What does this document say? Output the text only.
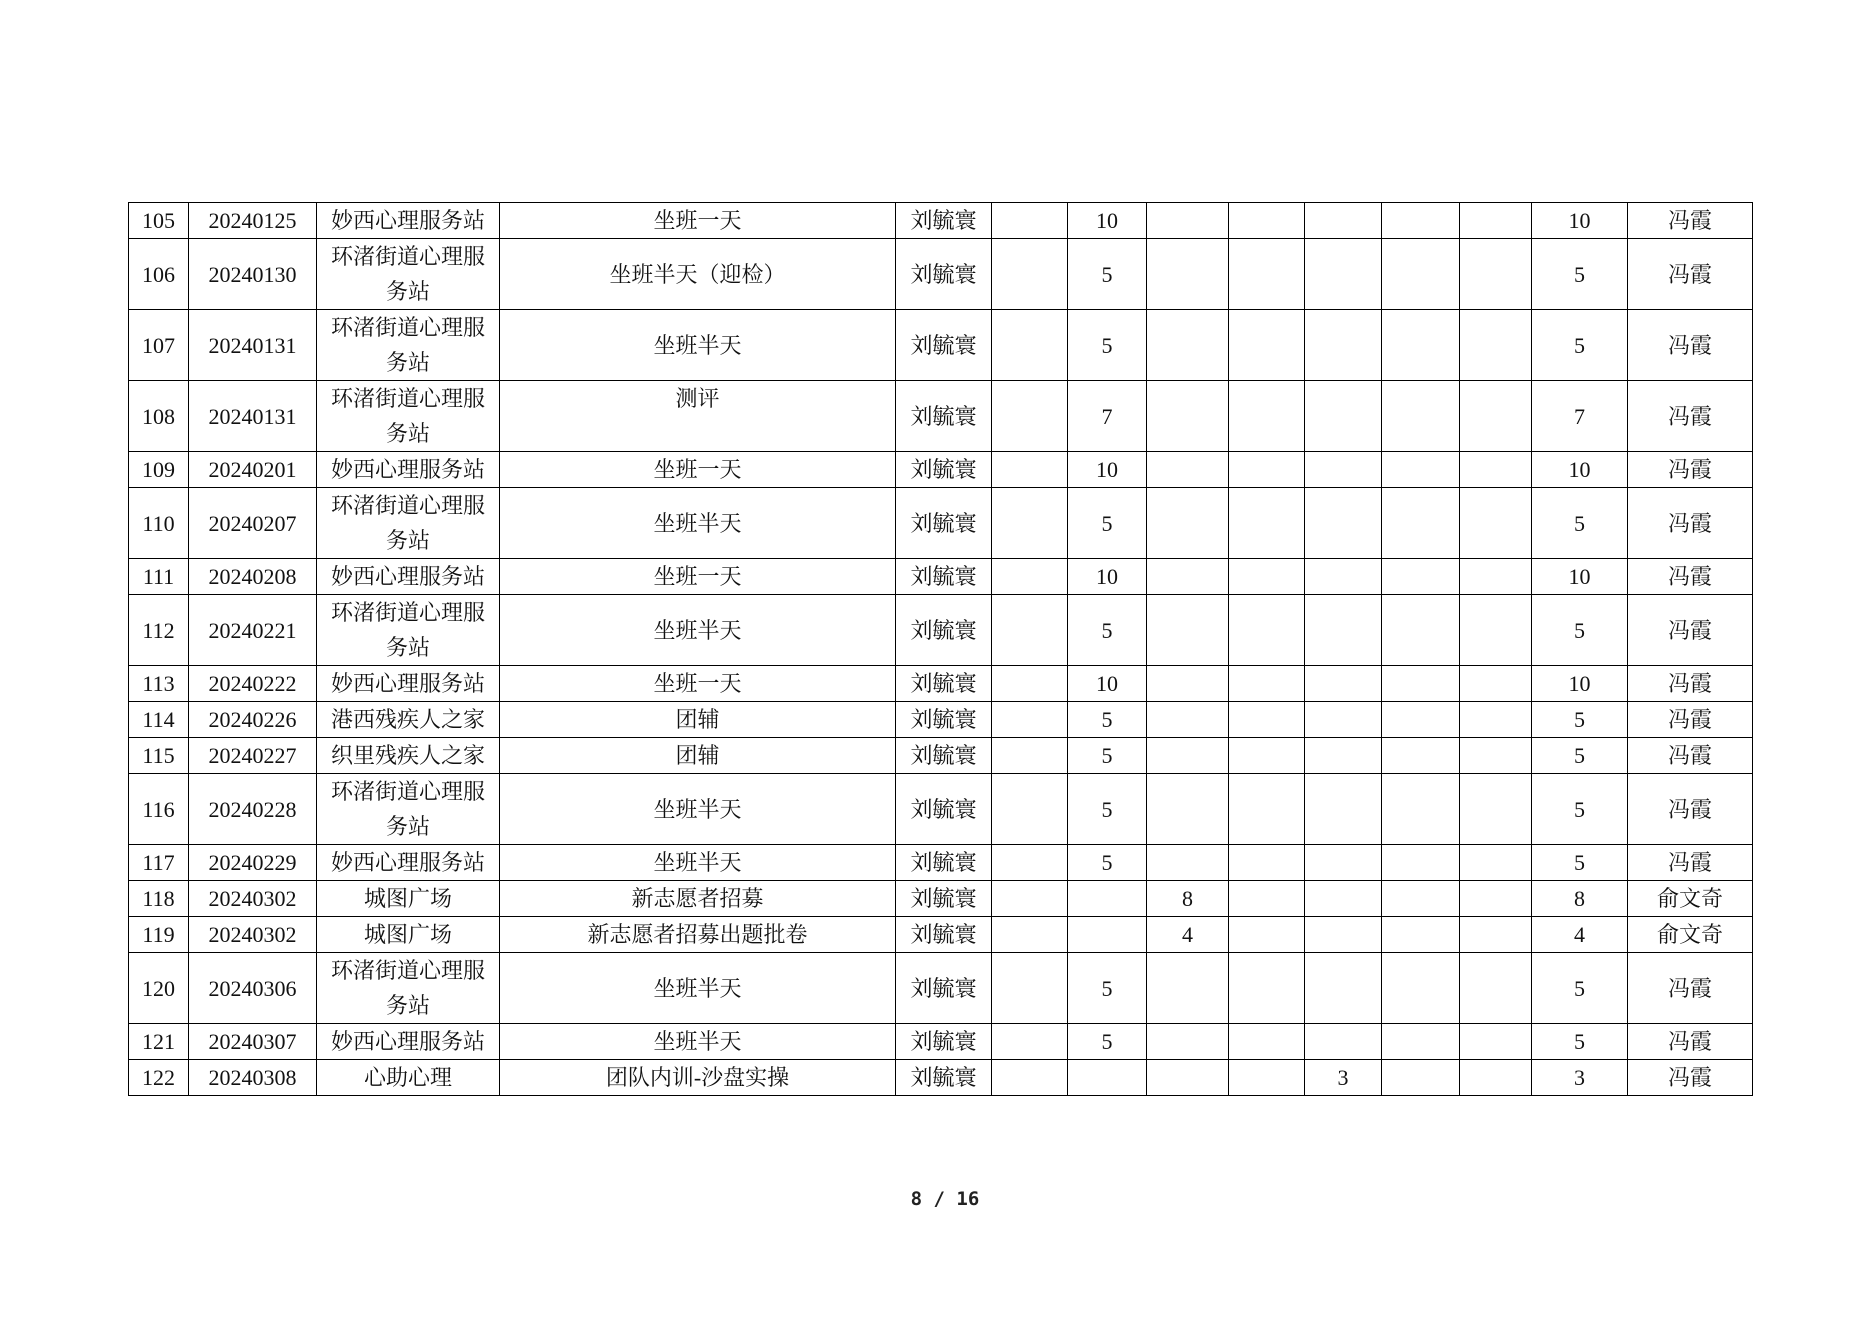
105	20240125	妙西心理服务站	坐班一天	刘毓寰		10						10	冯霞
106	20240130	环渚街道心理服务站	坐班半天（迎检）	刘毓寰		5						5	冯霞
107	20240131	环渚街道心理服务站	坐班半天	刘毓寰		5						5	冯霞
108	20240131	环渚街道心理服务站	测评	刘毓寰		7						7	冯霞
109	20240201	妙西心理服务站	坐班一天	刘毓寰		10						10	冯霞
110	20240207	环渚街道心理服务站	坐班半天	刘毓寰		5						5	冯霞
111	20240208	妙西心理服务站	坐班一天	刘毓寰		10						10	冯霞
112	20240221	环渚街道心理服务站	坐班半天	刘毓寰		5						5	冯霞
113	20240222	妙西心理服务站	坐班一天	刘毓寰		10						10	冯霞
114	20240226	港西残疾人之家	团辅	刘毓寰		5						5	冯霞
115	20240227	织里残疾人之家	团辅	刘毓寰		5						5	冯霞
116	20240228	环渚街道心理服务站	坐班半天	刘毓寰		5						5	冯霞
117	20240229	妙西心理服务站	坐班半天	刘毓寰		5						5	冯霞
118	20240302	城图广场	新志愿者招募	刘毓寰			8					8	俞文奇
119	20240302	城图广场	新志愿者招募出题批卷	刘毓寰			4					4	俞文奇
120	20240306	环渚街道心理服务站	坐班半天	刘毓寰		5						5	冯霞
121	20240307	妙西心理服务站	坐班半天	刘毓寰		5						5	冯霞
122	20240308	心助心理	团队内训-沙盘实操	刘毓寰					3			3	冯霞
8 / 16
